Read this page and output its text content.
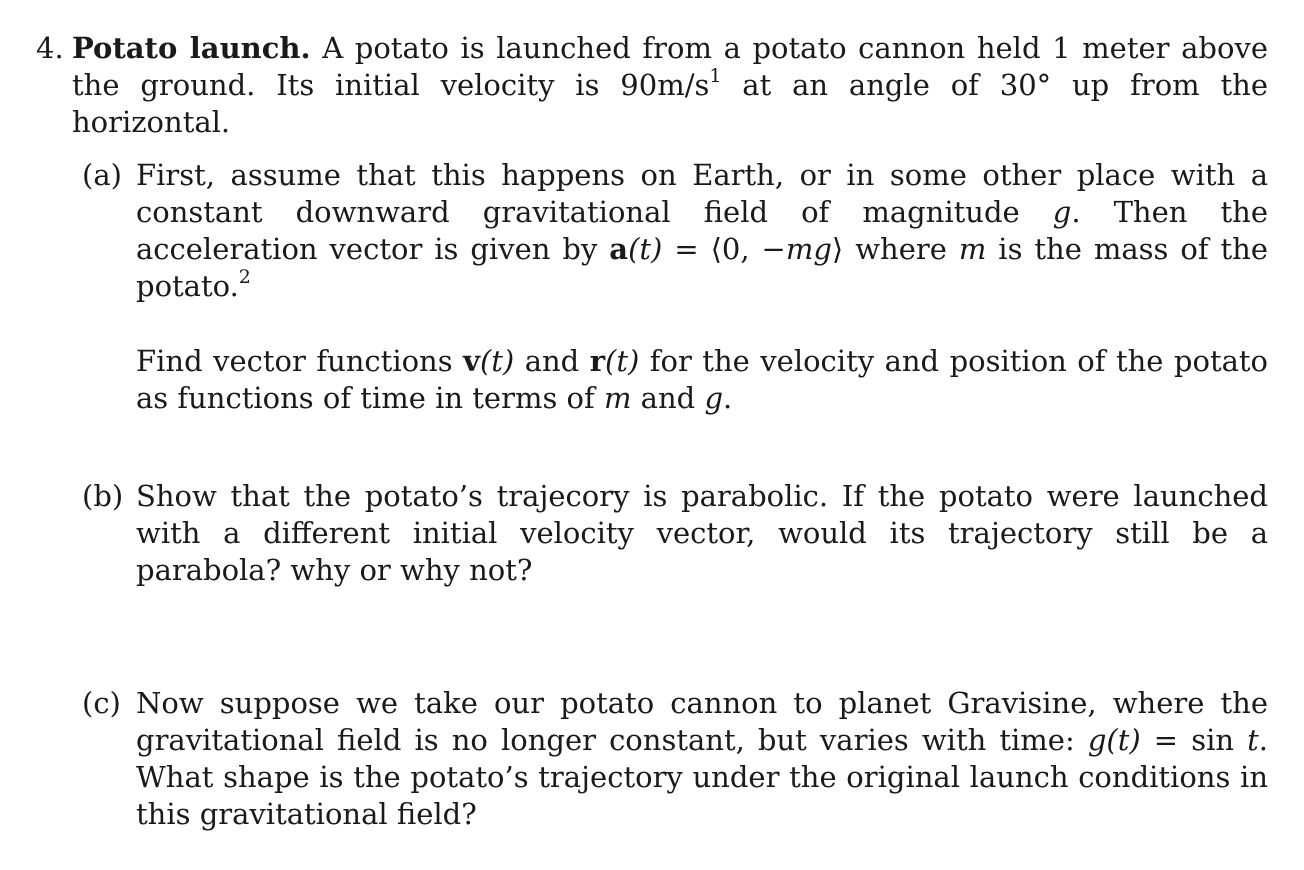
4. Potato launch. A potato is launched from a potato cannon held 1 meter above the ground. Its initial velocity is $90m/s^1$ at an angle of 30° up from the horizontal.
(a) First, assume that this happens on Earth, or in some other place with a constant downward gravitational field of magnitude g. Then the acceleration vector is given by a(t) = ⟨0, −mg⟩ where m is the mass of the potato.$^2$

Find vector functions v(t) and r(t) for the velocity and position of the potato as functions of time in terms of m and g.

(b) Show that the potato’s trajecory is parabolic. If the potato were launched with a different initial velocity vector, would its trajectory still be a parabola? why or why not?

(c) Now suppose we take our potato cannon to planet Gravisine, where the gravitational field is no longer constant, but varies with time: g(t) = sin t. What shape is the potato’s trajectory under the original launch conditions in this gravitational field?
